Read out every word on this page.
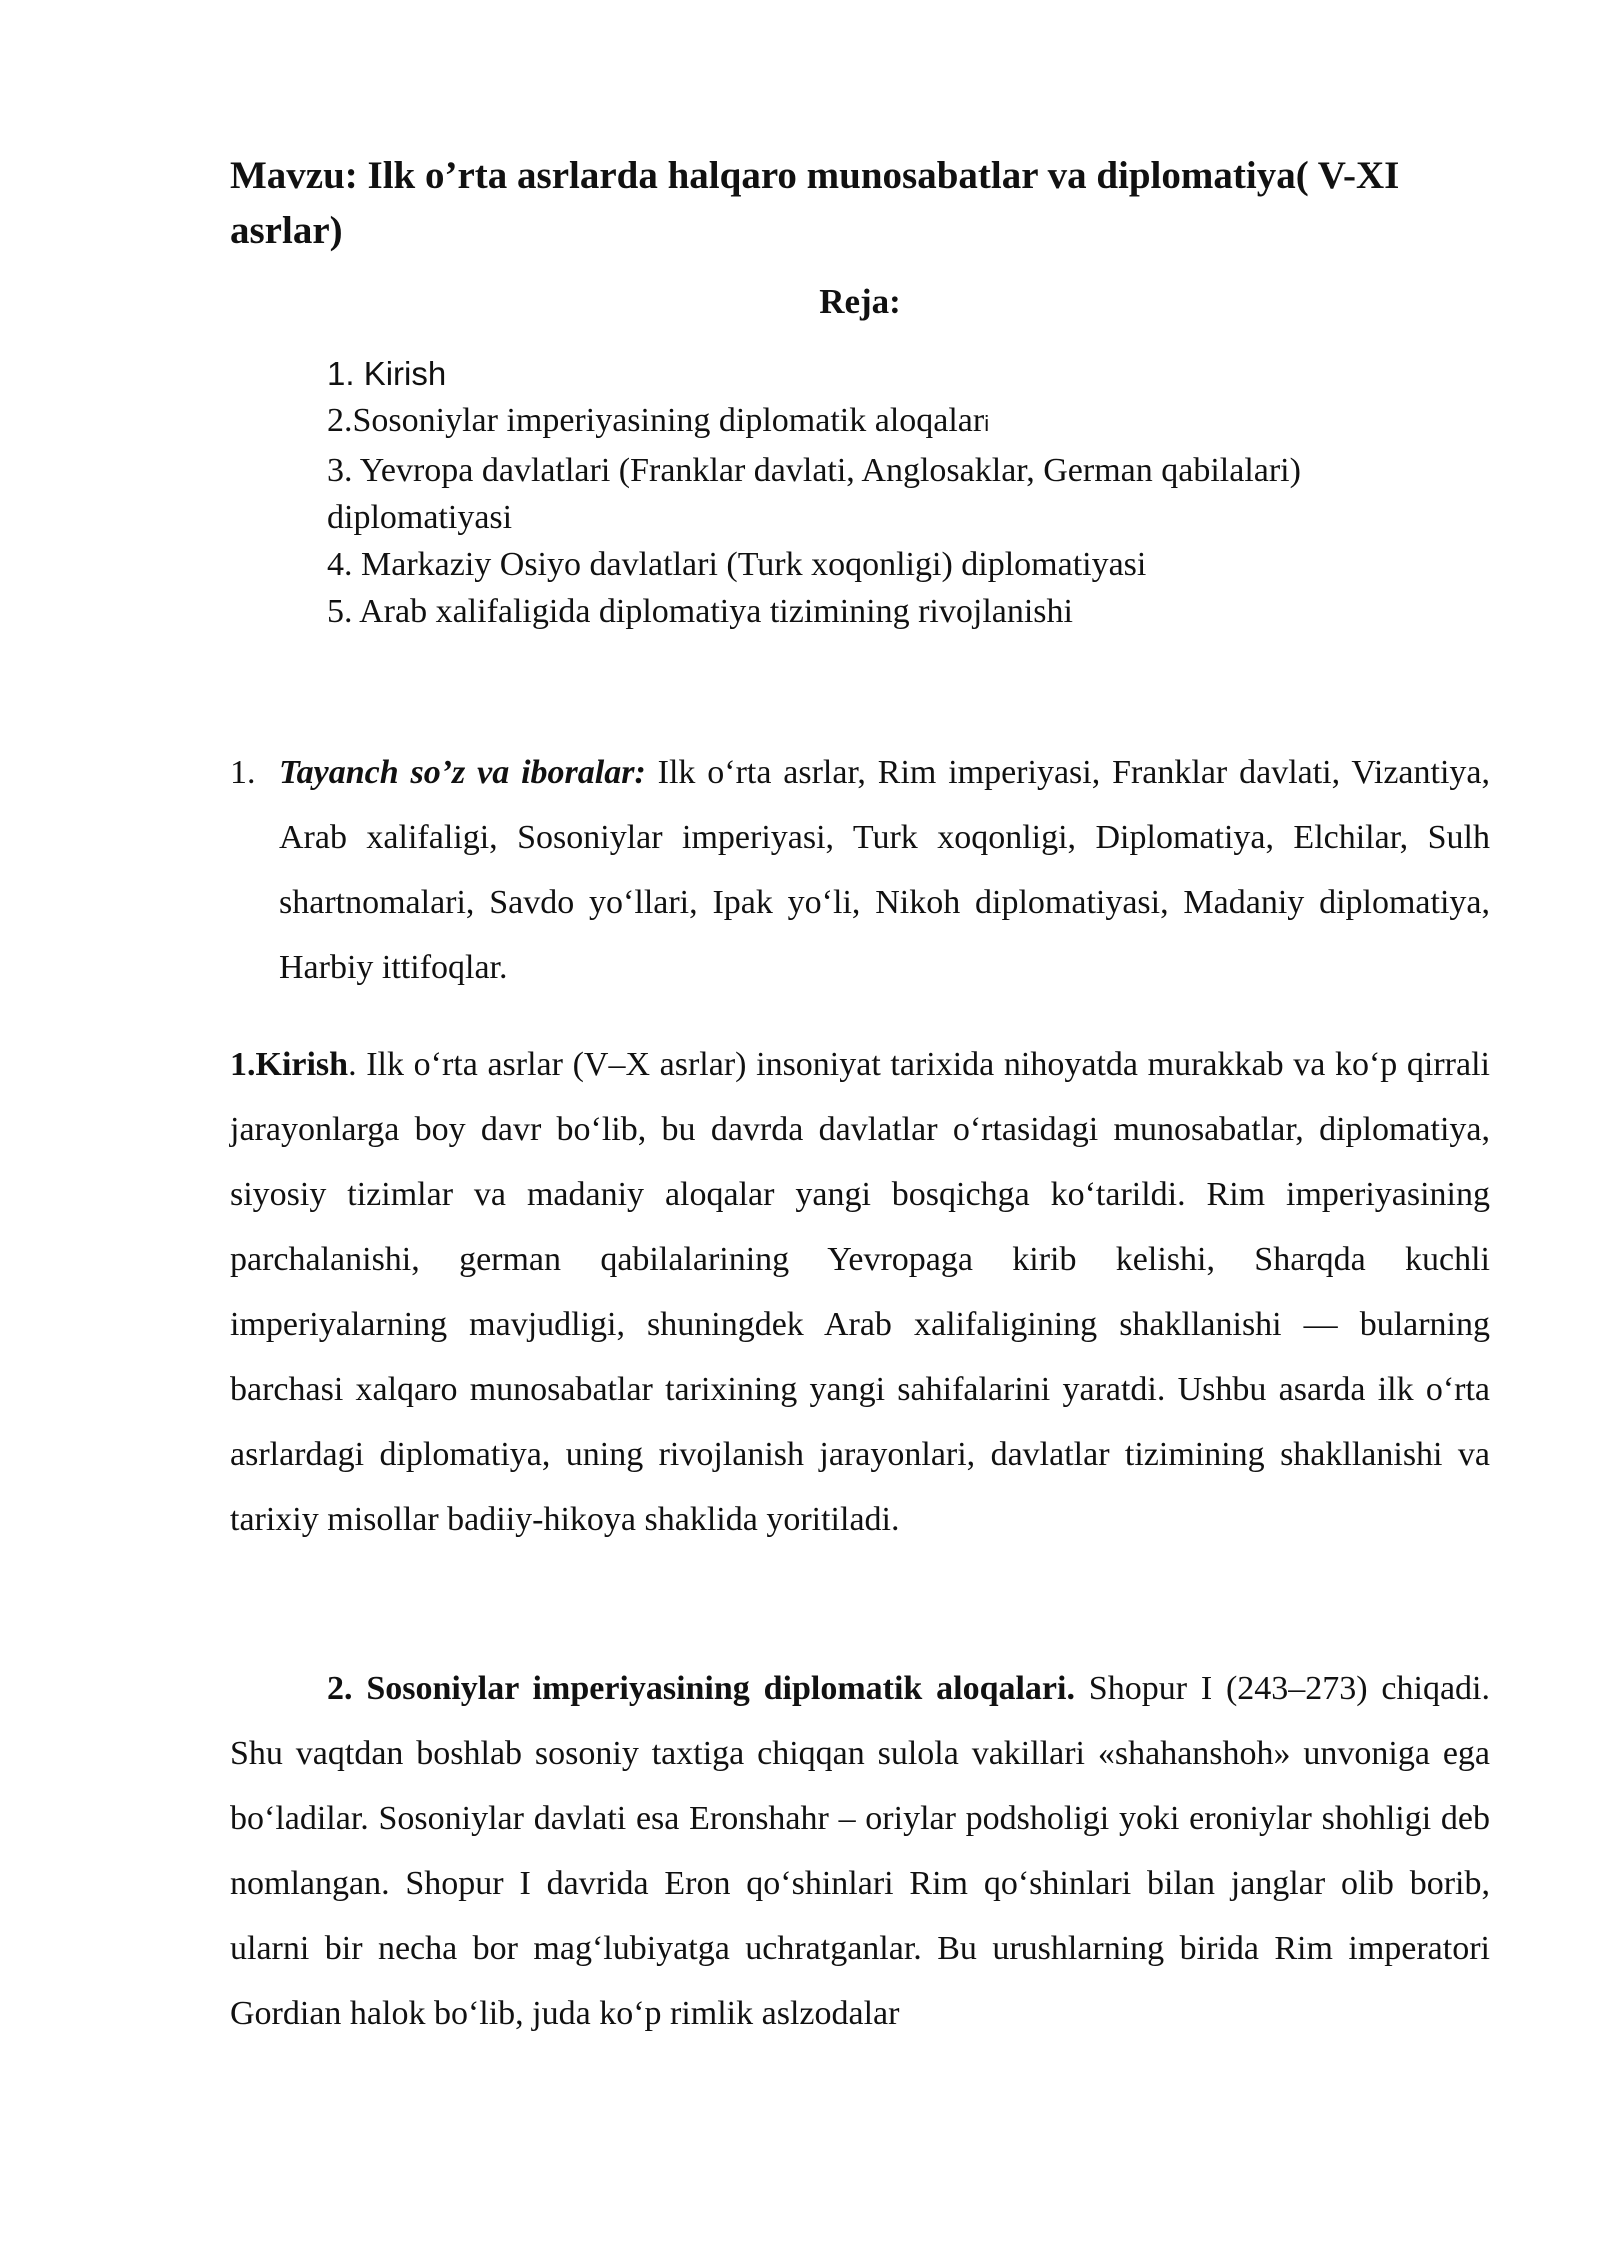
Mavzu: Ilk o’rta asrlarda halqaro munosabatlar va diplomatiya( V-XI asrlar)
Reja:

1. Kirish

2.Sosoniylar imperiyasining diplomatik aloqalari

3. Yevropa davlatlari (Franklar davlati, Anglosaklar, German qabilalari) diplomatiyasi

4. Markaziy Osiyo davlatlari (Turk xoqonligi) diplomatiyasi

5. Arab xalifaligida diplomatiya tizimining rivojlanishi

1. Tayanch so’z va iboralar: Ilk o‘rta asrlar, Rim imperiyasi, Franklar davlati, Vizantiya, Arab xalifaligi, Sosoniylar imperiyasi, Turk xoqonligi, Diplomatiya, Elchilar, Sulh shartnomalari, Savdo yo‘llari, Ipak yo‘li, Nikoh diplomatiyasi, Madaniy diplomatiya, Harbiy ittifoqlar.

1.Kirish. Ilk o‘rta asrlar (V–X asrlar) insoniyat tarixida nihoyatda murakkab va ko‘p qirrali jarayonlarga boy davr bo‘lib, bu davrda davlatlar o‘rtasidagi munosabatlar, diplomatiya, siyosiy tizimlar va madaniy aloqalar yangi bosqichga ko‘tarildi. Rim imperiyasining parchalanishi, german qabilalarining Yevropaga kirib kelishi, Sharqda kuchli imperiyalarning mavjudligi, shuningdek Arab xalifaligining shakllanishi — bularning barchasi xalqaro munosabatlar tarixining yangi sahifalarini yaratdi. Ushbu asarda ilk o‘rta asrlardagi diplomatiya, uning rivojlanish jarayonlari, davlatlar tizimining shakllanishi va tarixiy misollar badiiy-hikoya shaklida yoritiladi.

2. Sosoniylar imperiyasining diplomatik aloqalari. Shopur I (243–273) chiqadi. Shu vaqtdan boshlab sosoniy taxtiga chiqqan sulola vakillari «shahanshoh» unvoniga ega bo‘ladilar. Sosoniylar davlati esa Eronshahr – oriylar podsholigi yoki eroniylar shohligi deb nomlangan. Shopur I davrida Eron qo‘shinlari Rim qo‘shinlari bilan janglar olib borib, ularni bir necha bor mag‘lubiyatga uchratganlar. Bu urushlarning birida Rim imperatori Gordian halok bo‘lib, juda ko‘p rimlik aslzodalar
